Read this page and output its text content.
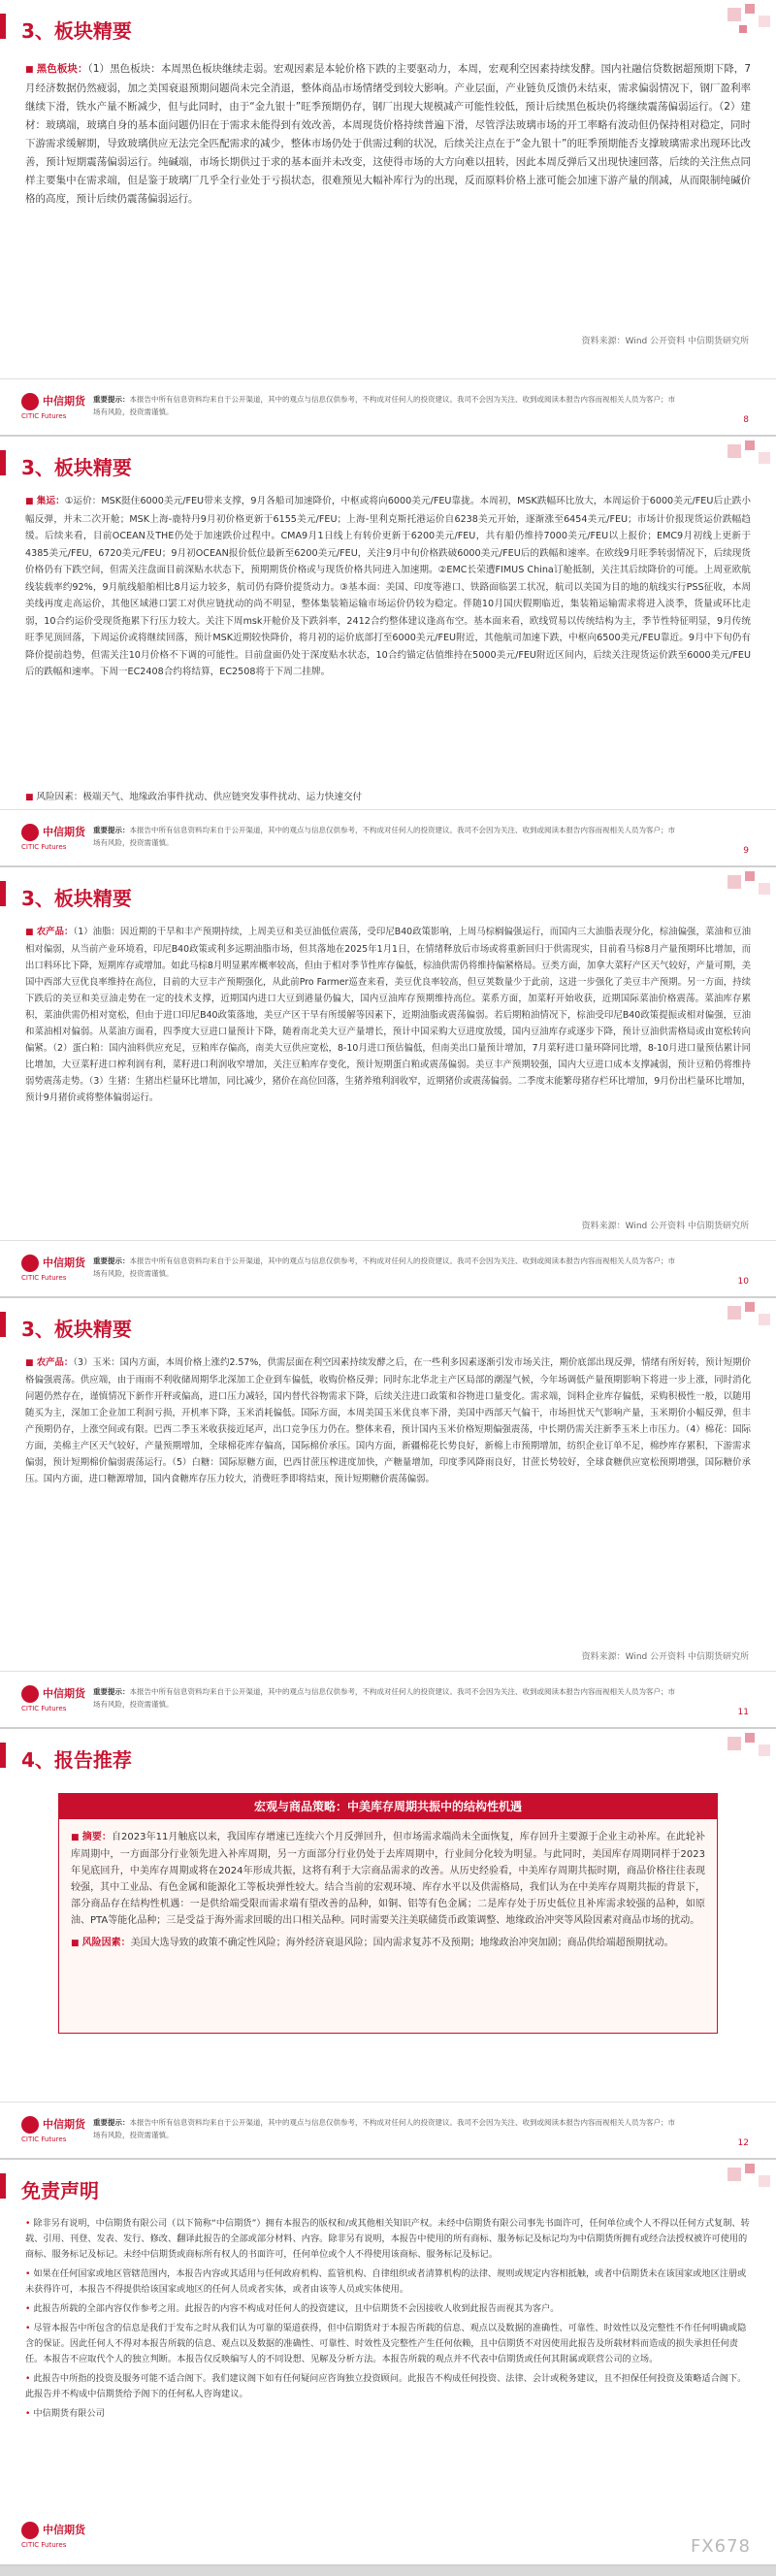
3、板块精要
■ 黑色板块：（1）黑色板块：本周黑色板块继续走弱。宏观因素是本轮价格下跌的主要驱动力，本周，宏观利空因素持续发酵。国内社融信贷数据超预期下降，7月经济数据仍然疲弱，加之美国衰退预期问题尚未完全消退，整体商品市场情绪受到较大影响。产业层面，产业链负反馈仍未结束，需求偏弱情况下，钢厂盈利率继续下滑，铁水产量不断减少，但与此同时，由于“金九银十”旺季预期仍存，钢厂出现大规模减产可能性较低，预计后续黑色板块仍将继续震荡偏弱运行。（2）建材：玻璃端，玻璃自身的基本面问题仍旧在于需求未能得到有效改善，本周现货价格持续普遍下滑，尽管浮法玻璃市场的开工率略有波动但仍保持相对稳定，同时下游需求缓解期，导致玻璃供应无法完全匹配需求的减少，整体市场仍处于供需过剩的状况，后续关注点在于“金九银十”的旺季预期能否支撑玻璃需求出现环比改善，预计短期震荡偏弱运行。纯碱端，市场长期供过于求的基本面并未改变，这使得市场的大方向难以扭转，因此本周反弹后又出现快速回落，后续的关注焦点同样主要集中在需求端，但是鉴于玻璃厂几乎全行业处于亏损状态，很难预见大幅补库行为的出现，反而原料价格上涨可能会加速下游产量的削减，从而限制纯碱价格的高度，预计后续仍震荡偏弱运行。
资料来源：Wind 公开资料 中信期货研究所
中信期货
CITIC Futures
重要提示：本报告中所有信息资料均来自于公开渠道，其中的观点与信息仅供参考，不构成对任何人的投资建议。我司不会因为关注、收到或阅读本报告内容而视相关人员为客户；市场有风险，投资需谨慎。
8
3、板块精要
■ 集运：①运价：MSK挺住6000美元/FEU带来支撑，9月各船司加速降价，中枢或将向6000美元/FEU靠拢。本周初，MSK跌幅环比放大，本周运价于6000美元/FEU后止跌小幅反弹，并未二次开舱；MSK上海-鹿特丹9月初价格更新于6155美元/FEU；上海-里利克斯托港运价自6238美元开始，逐渐涨至6454美元/FEU；市场计价报现货运价跌幅趋缓。后续来看，目前OCEAN及THE仍处于加速跌价过程中。CMA9月1日线上有转价更新于6200美元/FEU，共有船仍维持7000美元/FEU以上报价；EMC9月初线上更新于4385美元/FEU，6720美元/FEU；9月初OCEAN报价低位最新至6200美元/FEU，关注9月中旬价格跌破6000美元/FEU后的跌幅和速率。在欧线9月旺季转弱情况下，后续现货价格仍有下跌空间，但需关注盘面目前深贴水状态下，预期期货价格或与现货价格共同进入加速期。②EMC长荣遭FIMUS China订舱抵制，关注其后续降价的可能。上周亚欧航线装载率约92%，9月航线船舶相比8月运力较多，航司仍有降价提货动力。③基本面：美国、印度等港口、铁路面临罢工状况，航司以美国为目的地的航线实行PSS征收，本周美线再度走高运价，其他区域港口罢工对供应链扰动的尚不明显，整体集装箱运输市场运价仍较为稳定。伴随10月国庆假期临近，集装箱运输需求将进入淡季，货量或环比走弱，10合约运价受现货拖累下行压力较大。关注下周msk开舱价及下跌斜率，2412合约整体建议逢高布空。基本面来看，欧线贸易以传统结构为主，季节性特征明显，9月传统旺季见顶回落，下周运价或将继续回落，预计MSK近期较快降价，将月初的运价底部打至6000美元/FEU附近，其他航司加速下跌，中枢向6500美元/FEU靠近。9月中下旬仍有降价提前趋势，但需关注10月价格不下调的可能性。目前盘面仍处于深度贴水状态，10合约锚定估值维持在5000美元/FEU附近区间内，后续关注现货运价跌至6000美元/FEU后的跌幅和速率。下周一EC2408合约将结算，EC2508将于下周二挂牌。
■ 风险因素：极端天气、地缘政治事件扰动、供应链突发事件扰动、运力快速交付
中信期货
CITIC Futures
重要提示：本报告中所有信息资料均来自于公开渠道，其中的观点与信息仅供参考，不构成对任何人的投资建议。我司不会因为关注、收到或阅读本报告内容而视相关人员为客户；市场有风险，投资需谨慎。
9
3、板块精要
■ 农产品：（1）油脂：因近期的干旱和丰产预期持续，上周美豆和美豆油低位震荡，受印尼B40政策影响，上周马棕榈偏强运行，而国内三大油脂表现分化，棕油偏强，菜油和豆油相对偏弱，从当前产业环境看，印尼B40政策或利多远期油脂市场，但其落地在2025年1月1日，在情绪释放后市场或将重新回归于供需现实，目前看马棕8月产量预期环比增加，而出口料环比下降，短期库存或增加。如此马棕8月明显累库概率较高，但由于相对季节性库存偏低，棕油供需仍将维持偏紧格局。豆类方面，加拿大菜籽产区天气较好，产量可期，美国中西部大豆优良率维持在高位，目前的大豆丰产预期强化，从此前Pro Farmer巡查来看，美豆优良率较高，但豆荚数量少于此前，这进一步强化了美豆丰产预期。另一方面，持续下跌后的美豆和美豆油走势在一定的技术支撑，近期国内进口大豆到港量仍偏大，国内豆油库存预期维持高位。菜系方面，加菜籽开始收获，近期国际菜油价格震荡。菜油库存累积，菜油供需仍相对宽松，但由于进口印尼B40政策落地，美豆产区干旱有所缓解等因素下，近期油脂或震荡偏弱。若后期粕油情况下，棕油受印尼B40政策提振或相对偏强，豆油和菜油相对偏弱。从菜油方面看，四季度大豆进口量预计下降，随着南北美大豆产量增长，预计中国采购大豆进度放缓，国内豆油库存或逐步下降，预计豆油供需格局或由宽松转向偏紧。（2）蛋白粕：国内油料供应充足，豆粕库存偏高，南美大豆供应宽松，8-10月进口预估偏低，但南美出口量预计增加，7月菜籽进口量环降同比增，8-10月进口量预估累计同比增加，大豆菜籽进口榨利润有利，菜籽进口利润收窄增加，关注豆粕库存变化，预计短期蛋白粕或震荡偏弱。美豆丰产预期较强，国内大豆进口成本支撑减弱，预计豆粕仍将维持弱势震荡走势。（3）生猪：生猪出栏量环比增加，同比减少，猪价在高位回落，生猪养殖利润收窄，近期猪价或震荡偏弱。二季度末能繁母猪存栏环比增加，9月份出栏量环比增加，预计9月猪价或将整体偏弱运行。
资料来源：Wind 公开资料 中信期货研究所
中信期货
CITIC Futures
重要提示：本报告中所有信息资料均来自于公开渠道，其中的观点与信息仅供参考，不构成对任何人的投资建议。我司不会因为关注、收到或阅读本报告内容而视相关人员为客户；市场有风险，投资需谨慎。
10
3、板块精要
■ 农产品：（3）玉米：国内方面，本周价格上涨约2.57%，供需层面在利空因素持续发酵之后，在一些利多因素逐渐引发市场关注，期价底部出现反弹，情绪有所好转，预计短期价格偏强震荡。供应端，由于雨雨不利收储周期华北深加工企业到车偏低，收购价格反弹；同时东北华北主产区局部的潮湿气候，今年场调低产量预期影响下将进一步上涨，同时消化问题仍然存在，谨慎情况下新作开秤或偏高，进口压力减轻，国内替代谷物需求下降，后续关注进口政策和谷物进口量变化。需求端，饲料企业库存偏低，采购积极性一般，以随用随买为主，深加工企业加工利润亏损，开机率下降，玉米消耗偏低。国际方面，本周美国玉米优良率下滑，美国中西部天气偏干，市场担忧天气影响产量，玉米期价小幅反弹，但丰产预期仍存，上涨空间或有限。巴西二季玉米收获接近尾声，出口竞争压力仍在。整体来看，预计国内玉米价格短期偏强震荡，中长期仍需关注新季玉米上市压力。（4）棉花：国际方面，美棉主产区天气较好，产量预期增加，全球棉花库存偏高，国际棉价承压。国内方面，新疆棉花长势良好，新棉上市预期增加，纺织企业订单不足，棉纱库存累积，下游需求偏弱，预计短期棉价偏弱震荡运行。（5）白糖：国际原糖方面，巴西甘蔗压榨进度加快，产糖量增加，印度季风降雨良好，甘蔗长势较好，全球食糖供应宽松预期增强，国际糖价承压。国内方面，进口糖源增加，国内食糖库存压力较大，消费旺季即将结束，预计短期糖价震荡偏弱。
资料来源：Wind 公开资料 中信期货研究所
中信期货
CITIC Futures
重要提示：本报告中所有信息资料均来自于公开渠道，其中的观点与信息仅供参考，不构成对任何人的投资建议。我司不会因为关注、收到或阅读本报告内容而视相关人员为客户；市场有风险，投资需谨慎。
11
4、报告推荐
宏观与商品策略：中美库存周期共振中的结构性机遇
■ 摘要：自2023年11月触底以来，我国库存增速已连续六个月反弹回升，但市场需求端尚未全面恢复，库存回升主要源于企业主动补库。在此轮补库周期中，一方面部分行业领先进入补库周期，另一方面部分行业仍处于去库周期中，行业间分化较为明显。与此同时，美国库存周期同样于2023年见底回升，中美库存周期或将在2024年形成共振，这将有利于大宗商品需求的改善。从历史经验看，中美库存周期共振时期，商品价格往往表现较强，其中工业品、有色金属和能源化工等板块弹性较大。结合当前的宏观环境、库存水平以及供需格局，我们认为在中美库存周期共振的背景下，部分商品存在结构性机遇：一是供给端受限而需求端有望改善的品种，如铜、铝等有色金属；二是库存处于历史低位且补库需求较强的品种，如原油、PTA等能化品种；三是受益于海外需求回暖的出口相关品种。同时需要关注美联储货币政策调整、地缘政治冲突等风险因素对商品市场的扰动。
■ 风险因素：美国大选导致的政策不确定性风险；海外经济衰退风险；国内需求复苏不及预期；地缘政治冲突加剧；商品供给端超预期扰动。
中信期货
CITIC Futures
重要提示：本报告中所有信息资料均来自于公开渠道，其中的观点与信息仅供参考，不构成对任何人的投资建议。我司不会因为关注、收到或阅读本报告内容而视相关人员为客户；市场有风险，投资需谨慎。
12
免责声明
• 除非另有说明，中信期货有限公司（以下简称“中信期货”）拥有本报告的版权和/或其他相关知识产权。未经中信期货有限公司事先书面许可，任何单位或个人不得以任何方式复制、转载、引用、刊登、发表、发行、修改、翻译此报告的全部或部分材料、内容。除非另有说明，本报告中使用的所有商标、服务标记及标记均为中信期货所拥有或经合法授权被许可使用的商标、服务标记及标记。未经中信期货或商标所有权人的书面许可，任何单位或个人不得使用该商标、服务标记及标记。
• 如果在任何国家或地区管辖范围内，本报告内容或其适用与任何政府机构、监管机构、自律组织或者清算机构的法律、规则或规定内容相抵触，或者中信期货未在该国家或地区注册或未获得许可，本报告不得提供给该国家或地区的任何人员或者实体，或者由该等人员或实体使用。
• 此报告所载的全部内容仅作参考之用。此报告的内容不构成对任何人的投资建议，且中信期货不会因接收人收到此报告而视其为客户。
• 尽管本报告中所包含的信息是我们于发布之时从我们认为可靠的渠道获得，但中信期货对于本报告所载的信息、观点以及数据的准确性、可靠性、时效性以及完整性不作任何明确或隐含的保证。因此任何人不得对本报告所载的信息、观点以及数据的准确性、可靠性、时效性及完整性产生任何依赖，且中信期货不对因使用此报告及所载材料而造成的损失承担任何责任。本报告不应取代个人的独立判断。本报告仅反映编写人的不同设想、见解及分析方法。本报告所载的观点并不代表中信期货或任何其附属或联营公司的立场。
• 此报告中所指的投资及服务可能不适合阁下。我们建议阁下如有任何疑问应咨询独立投资顾问。此报告不构成任何投资、法律、会计或税务建议，且不担保任何投资及策略适合阁下。此报告并不构成中信期货给予阁下的任何私人咨询建议。
• 中信期货有限公司
中信期货
CITIC Futures	FX678
